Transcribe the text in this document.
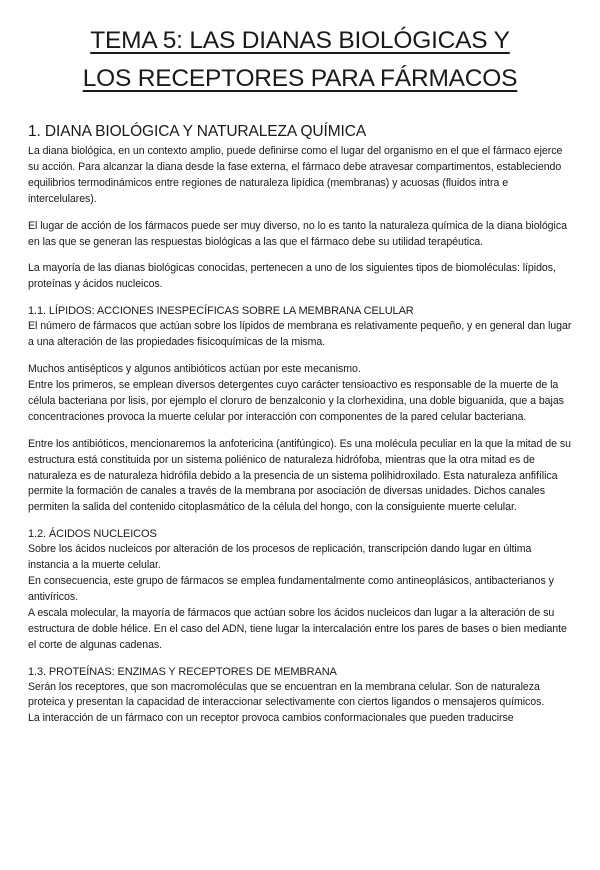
TEMA 5: LAS DIANAS BIOLÓGICAS Y
LOS RECEPTORES PARA FÁRMACOS
1. DIANA BIOLÓGICA Y NATURALEZA QUÍMICA

La diana biológica, en un contexto amplio, puede definirse como el lugar del organismo en el que el fármaco ejerce su acción. Para alcanzar la diana desde la fase externa, el fármaco debe atravesar compartimentos, estableciendo equilibrios termodinámicos entre regiones de naturaleza lipídica (membranas) y acuosas (fluidos intra e intercelulares).

El lugar de acción de los fármacos puede ser muy diverso, no lo es tanto la naturaleza química de la diana biológica en las que se generan las respuestas biológicas a las que el fármaco debe su utilidad terapéutica.

La mayoría de las dianas biológicas conocidas, pertenecen a uno de los siguientes tipos de biomoléculas: lípidos, proteínas y ácidos nucleicos.

1.1. LÍPIDOS: ACCIONES INESPECÍFICAS SOBRE LA MEMBRANA CELULAR

El número de fármacos que actúan sobre los lípidos de membrana es relativamente pequeño, y en general dan lugar a una alteración de las propiedades fisicoquímicas de la misma.

Muchos antisépticos y algunos antibióticos actúan por este mecanismo.

Entre los primeros, se emplean diversos detergentes cuyo carácter tensioactivo es responsable de la muerte de la célula bacteriana por lisis, por ejemplo el cloruro de benzalconio y la clorhexidina, una doble biguanida, que a bajas concentraciones provoca la muerte celular por interacción con componentes de la pared celular bacteriana.

Entre los antibióticos, mencionaremos la anfotericina (antifúngico). Es una molécula peculiar en la que la mitad de su estructura está constituida por un sistema poliénico de naturaleza hidrófoba, mientras que la otra mitad es de naturaleza es de naturaleza hidrófila debido a la presencia de un sistema polihidroxilado. Esta naturaleza anfifílica permite la formación de canales a través de la membrana por asociación de diversas unidades. Dichos canales permiten la salida del contenido citoplasmático de la célula del hongo, con la consiguiente muerte celular.

1.2. ÁCIDOS NUCLEICOS

Sobre los ácidos nucleicos por alteración de los procesos de replicación, transcripción dando lugar en última instancia a la muerte celular.

En consecuencia, este grupo de fármacos se emplea fundamentalmente como antineoplásicos, antibacterianos y antivíricos.

A escala molecular, la mayoría de fármacos que actúan sobre los ácidos nucleicos dan lugar a la alteración de su estructura de doble hélice. En el caso del ADN, tiene lugar la intercalación entre los pares de bases o bien mediante el corte de algunas cadenas.

1.3. PROTEÍNAS: ENZIMAS Y RECEPTORES DE MEMBRANA

Serán los receptores, que son macromoléculas que se encuentran en la membrana celular. Son de naturaleza proteica y presentan la capacidad de interaccionar selectivamente con ciertos ligandos o mensajeros químicos.

La interacción de un fármaco con un receptor provoca cambios conformacionales que pueden traducirse
